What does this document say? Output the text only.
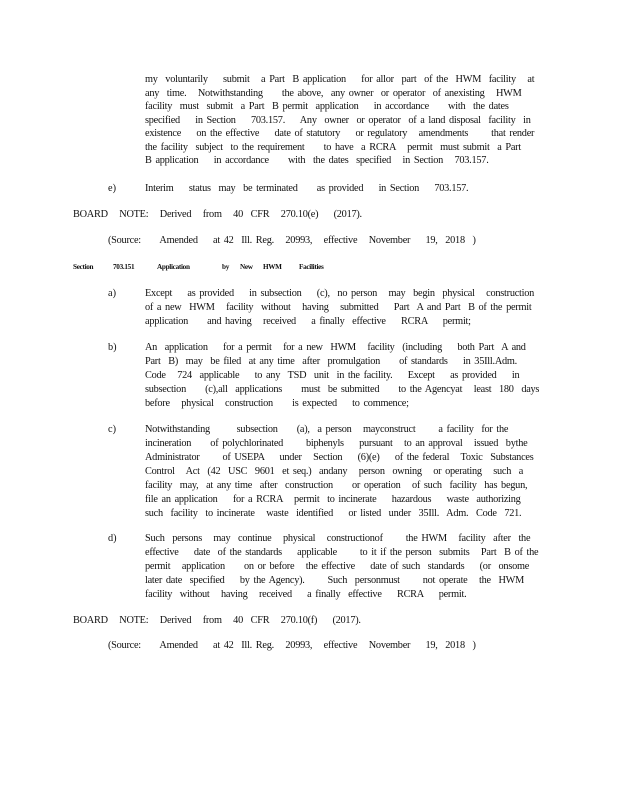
my  voluntarily    submit   a Part  B application    for allor  part  of the  HWM  facility   at
any  time.   Notwithstanding     the above,  any owner  or operator  of anexisting   HWM
facility  must  submit  a Part  B permit  application    in accordance     with  the dates
specified    in Section    703.157.    Any  owner  or operator  of a land disposal  facility  in
existence    on the effective    date of statutory    or regulatory   amendments      that render
the facility  subject  to the requirement     to have  a RCRA   permit  must submit  a Part
B application    in accordance     with  the dates  specified   in Section   703.157.
e)	Interim    status  may  be terminated     as provided    in Section    703.157.
BOARD   NOTE:   Derived   from   40  CFR   270.10(e)    (2017).
(Source:     Amended    at 42  Ill. Reg.   20993,   effective   November    19,  2018  )
Section	703.151	Application	by New HWM Facilities
a)	Except    as provided    in subsection    (c),  no person   may  begin  physical   construction
of a new  HWM   facility  without   having   submitted    Part  A and Part  B of the permit
application     and having   received    a finally  effective    RCRA    permit;
b)	An  application    for a permit   for a new  HWM   facility  (including    both Part  A and
Part  B)  may  be filed  at any time  after  promulgation     of standards    in 35Ill.Adm.
Code   724  applicable    to any  TSD  unit  in the facility.    Except    as provided    in
subsection     (c),all  applications     must  be submitted     to the Agencyat   least  180  days
before   physical   construction     is expected    to commence;
c)	Notwithstanding       subsection     (a),  a person   mayconstruct      a facility  for the
incineration     of polychlorinated      biphenyls    pursuant   to an approval   issued  bythe
Administrator      of USEPA    under   Section    (6)(e)    of the federal   Toxic  Substances
Control   Act  (42  USC  9601  et seq.)  andany   person  owning   or operating   such  a
facility  may,  at any time  after  construction     or operation   of such  facility  has begun,
file an application    for a RCRA   permit  to incinerate    hazardous    waste  authorizing
such  facility  to incinerate   waste  identified    or listed  under  35Ill.  Adm.  Code  721.
d)	Such  persons   may  continue   physical   constructionof      the HWM   facility  after  the
effective    date  of the standards    applicable      to it if the person  submits   Part  B of the
permit   application     on or before   the effective    date of such  standards    (or  onsome
later date  specified    by the Agency).      Such  personmust      not operate   the  HWM
facility  without   having   received    a finally  effective    RCRA    permit.
BOARD   NOTE:   Derived   from   40  CFR   270.10(f)    (2017).
(Source:     Amended    at 42  Ill. Reg.   20993,   effective   November    19,  2018  )
